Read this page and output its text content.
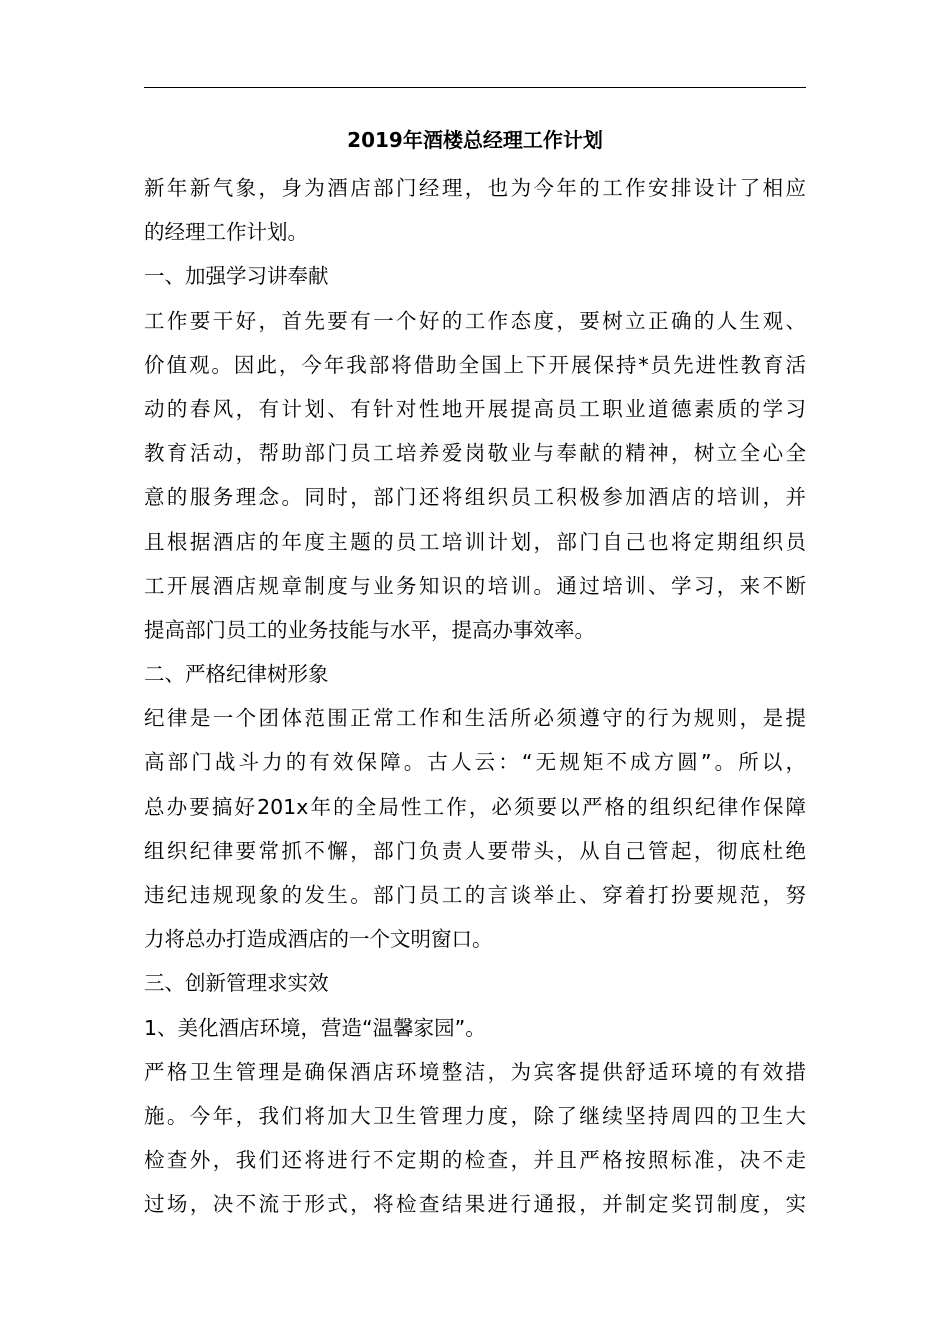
2019年酒楼总经理工作计划
新年新气象，身为酒店部门经理，也为今年的工作安排设计了相应
的经理工作计划。
一、加强学习讲奉献
工作要干好，首先要有一个好的工作态度，要树立正确的人生观、
价值观。因此，今年我部将借助全国上下开展保持*员先进性教育活
动的春风，有计划、有针对性地开展提高员工职业道德素质的学习
教育活动，帮助部门员工培养爱岗敬业与奉献的精神，树立全心全
意的服务理念。同时，部门还将组织员工积极参加酒店的培训，并
且根据酒店的年度主题的员工培训计划，部门自己也将定期组织员
工开展酒店规章制度与业务知识的培训。通过培训、学习，来不断
提高部门员工的业务技能与水平，提高办事效率。
二、严格纪律树形象
纪律是一个团体范围正常工作和生活所必须遵守的行为规则，是提
高部门战斗力的有效保障。古人云：“无规矩不成方圆”。所以，
总办要搞好201x年的全局性工作，必须要以严格的组织纪律作保障
组织纪律要常抓不懈，部门负责人要带头，从自己管起，彻底杜绝
违纪违规现象的发生。部门员工的言谈举止、穿着打扮要规范，努
力将总办打造成酒店的一个文明窗口。
三、创新管理求实效
1、美化酒店环境，营造“温馨家园”。
严格卫生管理是确保酒店环境整洁，为宾客提供舒适环境的有效措
施。今年，我们将加大卫生管理力度，除了继续坚持周四的卫生大
检查外，我们还将进行不定期的检查，并且严格按照标准，决不走
过场，决不流于形式，将检查结果进行通报，并制定奖罚制度，实
